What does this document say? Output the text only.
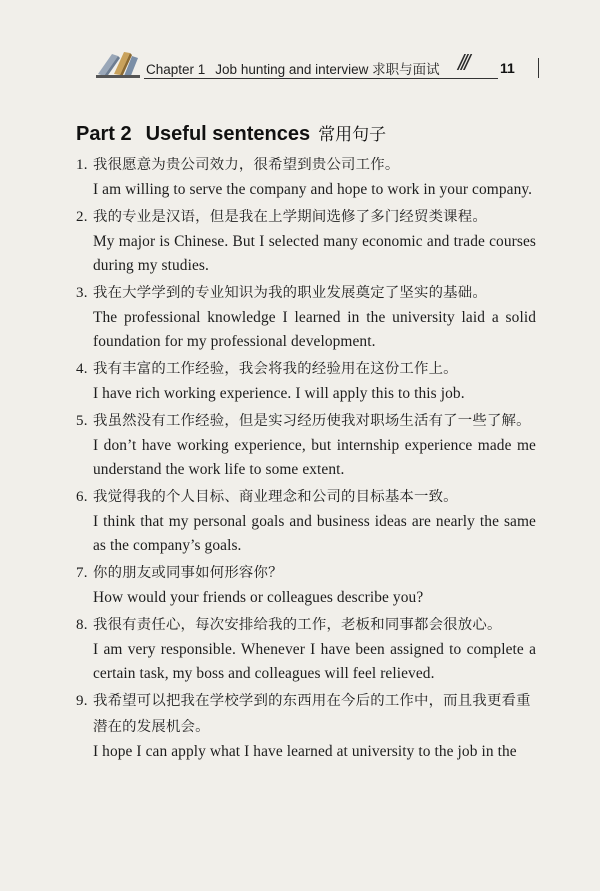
Chapter 1 Job hunting and interview 求职与面试 /// 11
Part 2 Useful sentences 常用句子
1. 我很愿意为贵公司效力，很希望到贵公司工作。
I am willing to serve the company and hope to work in your company.
2. 我的专业是汉语，但是我在上学期间选修了多门经贸类课程。
My major is Chinese. But I selected many economic and trade courses during my studies.
3. 我在大学学到的专业知识为我的职业发展奠定了坚实的基础。
The professional knowledge I learned in the university laid a solid foundation for my professional development.
4. 我有丰富的工作经验，我会将我的经验用在这份工作上。
I have rich working experience. I will apply this to this job.
5. 我虽然没有工作经验，但是实习经历使我对职场生活有了一些了解。
I don’t have working experience, but internship experience made me understand the work life to some extent.
6. 我觉得我的个人目标、商业理念和公司的目标基本一致。
I think that my personal goals and business ideas are nearly the same as the company’s goals.
7. 你的朋友或同事如何形容你？
How would your friends or colleagues describe you?
8. 我很有责任心，每次安排给我的工作，老板和同事都会很放心。
I am very responsible. Whenever I have been assigned to complete a certain task, my boss and colleagues will feel relieved.
9. 我希望可以把我在学校学到的东西用在今后的工作中，而且我更看重潜在的发展机会。
I hope I can apply what I have learned at university to the job in the
